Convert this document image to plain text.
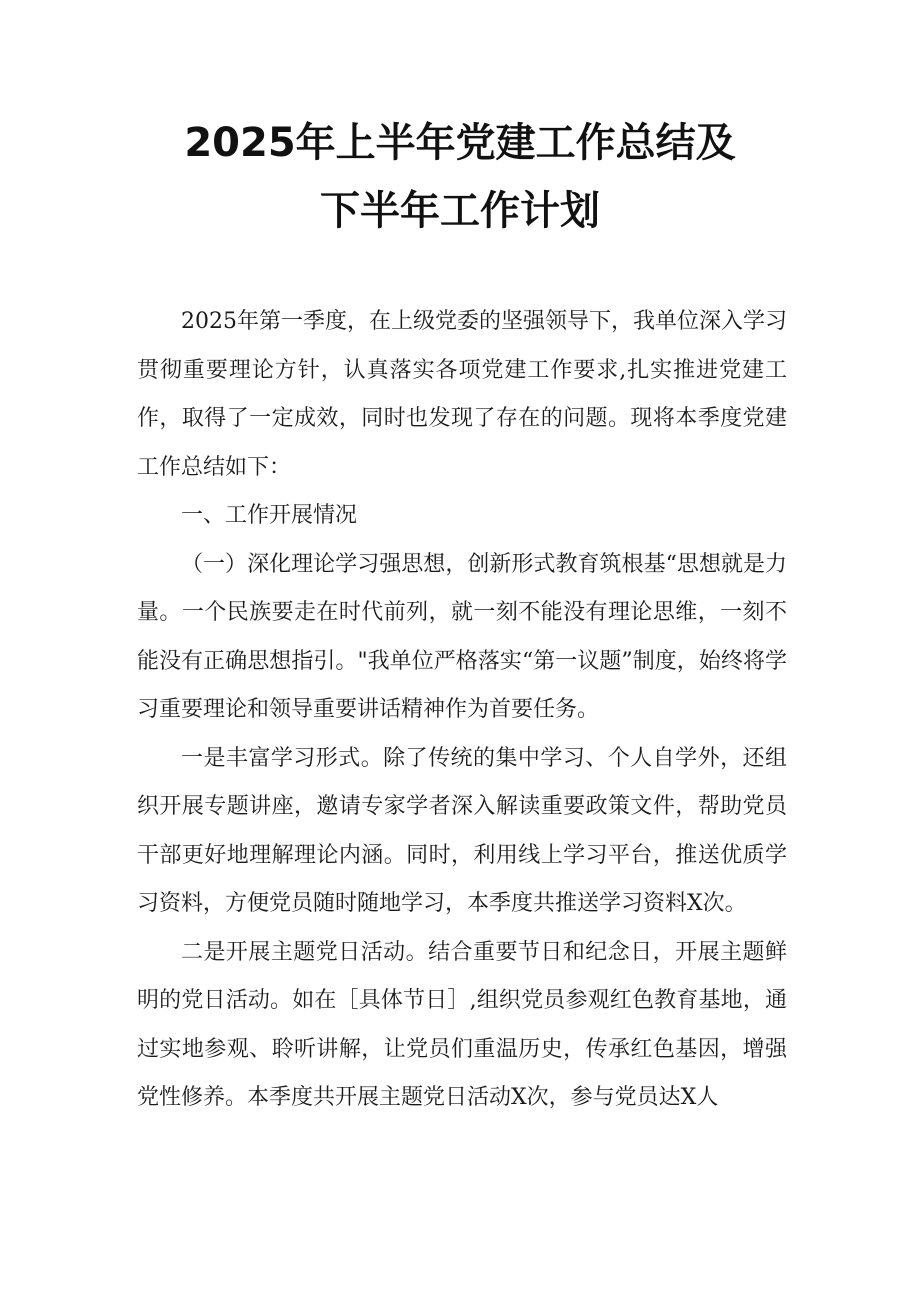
2025年上半年党建工作总结及
下半年工作计划

2025年第一季度，在上级党委的坚强领导下，我单位深入学习贯彻重要理论方针，认真落实各项党建工作要求,扎实推进党建工作，取得了一定成效，同时也发现了存在的问题。现将本季度党建工作总结如下：

一、工作开展情况

（一）深化理论学习强思想，创新形式教育筑根基“思想就是力量。一个民族要走在时代前列，就一刻不能没有理论思维，一刻不能没有正确思想指引。"我单位严格落实“第一议题”制度，始终将学习重要理论和领导重要讲话精神作为首要任务。

一是丰富学习形式。除了传统的集中学习、个人自学外，还组织开展专题讲座，邀请专家学者深入解读重要政策文件，帮助党员干部更好地理解理论内涵。同时，利用线上学习平台，推送优质学习资料，方便党员随时随地学习，本季度共推送学习资料X次。

二是开展主题党日活动。结合重要节日和纪念日，开展主题鲜明的党日活动。如在［具体节日］,组织党员参观红色教育基地，通过实地参观、聆听讲解，让党员们重温历史，传承红色基因，增强党性修养。本季度共开展主题党日活动X次，参与党员达X人
